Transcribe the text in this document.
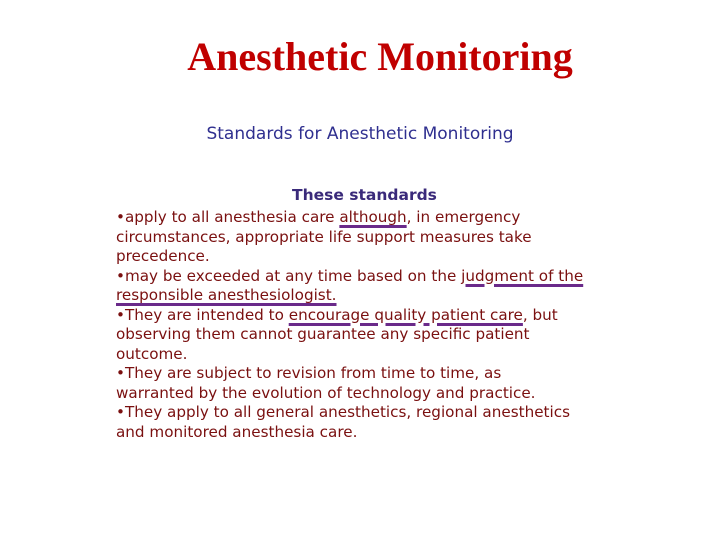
Anesthetic Monitoring
Standards for Anesthetic Monitoring
These standards
•apply to all anesthesia care although, in emergency
circumstances, appropriate life support measures take
precedence.
•may be exceeded at any time based on the judgment of the
responsible anesthesiologist.
•They are intended to encourage quality patient care, but
observing them cannot guarantee any specific patient
outcome.
•They are subject to revision from time to time, as
warranted by the evolution of technology and practice.
•They apply to all general anesthetics, regional anesthetics
and monitored anesthesia care.
